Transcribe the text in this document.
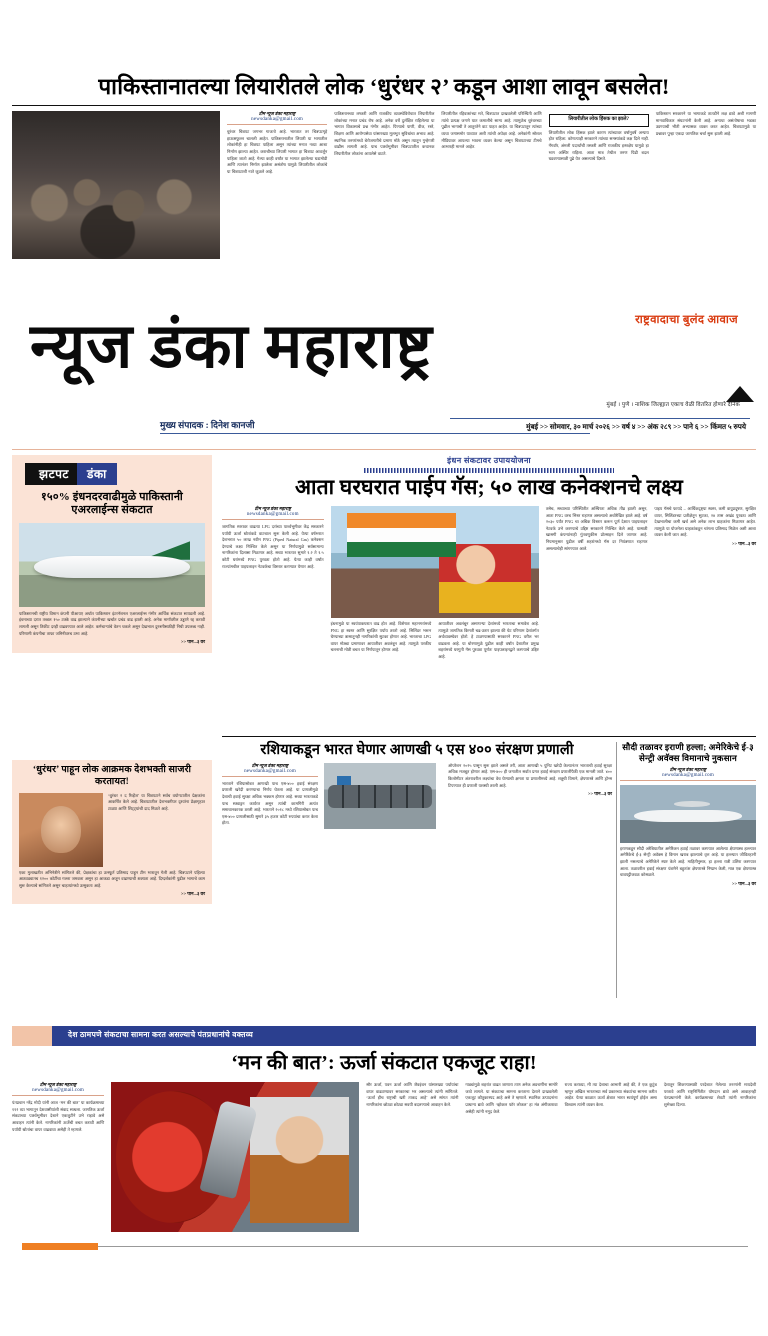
पाकिस्तानातल्या लियारीतले लोक ‘धुरंधर २’ कडून आशा लावून बसलेत!
टीम न्यूज डंका महाराष्ट्र
newsdanka@gmail.com
धुरंधर चित्रपट जगभर गाजतो आहे. भारतात तर चित्रपटगृहे हाऊसफुल्ल चालली आहेत. पाकिस्तानातील लियारी या भागातील लोकांनीही हा चित्रपट पाहिला असून त्यांच्या मनात नव्या आशा निर्माण झाल्या आहेत. कराचीच्या लियारी भागात हा चित्रपट आवर्जून पाहिला जातो आहे. गेल्या काही वर्षांत या भागात झालेल्या घडामोडी आणि त्यानंतर निर्माण झालेला असंतोष यामुळे लियारीतील लोकांचे या चित्रपटाशी नाते जुळले आहे.
पाकिस्तानच्या लष्करी आणि राजकीय व्यवस्थेविरोधात लियारीतील लोकांच्या मनात प्रचंड रोष आहे. अनेक वर्षे दुर्लक्षित राहिलेल्या या भागात विकासाचे प्रश्न गंभीर आहेत. पिण्याचे पाणी, वीज, रस्ते, शिक्षण आणि आरोग्यसेवा यांसारख्या मूलभूत सुविधांचा अभाव आहे. स्थानिक तरुणांमध्ये बेरोजगारीचे प्रमाण मोठे असून त्यातून गुन्हेगारी वाढीस लागली आहे. याच पार्श्वभूमीवर चित्रपटातील कथानक लियारीतील लोकांना आपलेसे वाटते.
लियारीतील रहिवाशांच्या मते, चित्रपटात दाखवलेली परिस्थिती आणि त्यांचे प्रत्यक्ष जगणे यात कमालीचे साम्य आहे. त्यामुळेच धुरंधरच्या पुढील भागाची ते आतुरतेने वाट पाहत आहेत. या चित्रपटातून त्यांच्या व्यथा जगासमोर याव्यात अशी त्यांची अपेक्षा आहे. अनेकांनी सोशल मीडियावर आपल्या भावना व्यक्त केल्या असून चित्रपटाच्या टीमचे आभारही मानले आहेत.
लियारीतील लोक हिंसक का झाले?
लियारीतील लोक हिंसक झाले कारण त्यांच्यावर वर्षानुवर्षे अन्याय होत राहिला. कोणत्याही सरकारने त्यांच्या समस्यांकडे लक्ष दिले नाही. गँगवॉर, अंमली पदार्थांची तस्करी आणि राजकीय हस्तक्षेप यामुळे हा भाग अस्थिर राहिला. आता मात्र तेथील तरुण पिढी बदल घडवण्यासाठी पुढे येत असल्याचे दिसते.
पाकिस्तान सरकारने या भागाकडे तातडीने लक्ष द्यावे अशी मागणी मानवाधिकार संघटनांनी केली आहे. अन्यथा असंतोषाचा भडका उडण्याची भीती अभ्यासक व्यक्त करत आहेत. चित्रपटामुळे या प्रश्नावर पुन्हा एकदा जागतिक चर्चा सुरू झाली आहे.
राष्ट्रवादाचा बुलंद आवाज
न्यूज डंका महाराष्ट्र
मुंबई । पुणे । नाशिक जिल्ह्यात एकाच वेळी वितरित होणारे दैनिक
मुख्य संपादक : दिनेश कानजी	मुंबई >> सोमवार, ३० मार्च २०२६ >> वर्ष ४ >> अंक २८९ >> पाने ६ >> किंमत ५ रुपये
झटपट	डंका
१५०% इंधनदरवाढीमुळे पाकिस्तानी एअरलाईन्स संकटात
पाकिस्तानची राष्ट्रीय विमान कंपनी पीआयए अर्थात पाकिस्तान इंटरनॅशनल एअरलाईन्स गंभीर आर्थिक संकटात सापडली आहे. इंधनाच्या दरात तब्बल १५० टक्के वाढ झाल्याने कंपनीच्या खर्चात प्रचंड वाढ झाली आहे. अनेक मार्गांवरील उड्डाणे रद्द करावी लागली असून तिकीट दरही वाढवण्यात आले आहेत. कर्मचाऱ्यांचे वेतन थकले असून देखभाल दुरुस्तीसाठीही निधी उपलब्ध नाही. परिणामी कंपनीचा ताफा जमिनीवरच उभा आहे.
>> पान...३ वर
‘धुरंधर’ पाहून लोक आक्रमक देशभक्ती साजरी करतायत!
‘धुरंधर २ द रिव्हेंज’ या चित्रपटाने सर्वच वयोगटातील प्रेक्षकांना आकर्षित केले आहे. चित्रपटातील देशभक्तीपर दृश्यांना प्रेक्षागृहात टाळ्या आणि शिट्ट्यांची दाद मिळते आहे.
एका मुलाखतीत अभिनेत्रीने सांगितले की, प्रेक्षकांचा हा उत्स्फूर्त प्रतिसाद पाहून टीम भारावून गेली आहे. चित्रपटाने पहिल्या आठवड्यातच १२०० कोटींचा गल्ला जमवला असून हा आकडा अजून वाढण्याची शक्यता आहे. दिग्दर्शकांनी पुढील भागाचे काम सुरू केल्याचे सांगितले असून चाहत्यांमध्ये उत्सुकता आहे.
>> पान...३ वर
इंधन संकटावर उपाययोजना
आता घरघरात पाईप गॅस; ५० लाख कनेक्शनचे लक्ष्य
टीम न्यूज डंका महाराष्ट्र
newsdanka@gmail.com
जागतिक स्तरावर वाढत्या LPG दरांच्या पार्श्वभूमीवर केंद्र सरकारने पर्यायी ऊर्जा स्रोतांकडे वाटचाल सुरू केली आहे. येत्या वर्षभरात देशभरात ५० लाख नवीन PNG (Piped Natural Gas) कनेक्शन देण्याचे लक्ष्य निश्चित केले असून या निर्णयामुळे सर्वसामान्य नागरिकांना दिलासा मिळणार आहे. सध्या भारतात सुमारे १.२ ते १.५ कोटी घरांमध्ये PNG पुरवठा होतो आहे. येत्या काही वर्षांत राज्यांमधील पाइपलाइन नेटवर्कचा विस्तार करण्यात येणार आहे.
इंधनामुळे या स्वयंपाकघरात वाढ होत आहे. विशेषतः महानगरांमध्ये PNG हा स्वस्त आणि सुरक्षित पर्याय ठरतो आहे. सिलिंडर भरून घेण्याच्या त्रासातूनही नागरिकांची सुटका होणार आहे. भारताचा LPG वापर मोठ्या प्रमाणावर आयातीवर अवलंबून आहे. त्यामुळे परकीय चलनाची मोठी बचत या निर्णयातून होणार आहे.
आयातीवर अवलंबून असणाऱ्या देशांमध्ये भारताचा समावेश आहे. त्यामुळे जागतिक किमती चढ-उतार झाल्या की थेट परिणाम देशांतर्गत अर्थव्यवस्थेवर होतो. हे टाळण्यासाठी सरकारने PNG वरील भर वाढवला आहे. या धोरणामुळे पुढील काही वर्षांत देशातील प्रमुख शहरांमध्ये घरगुती गॅस पुरवठा पूर्णतः पाइपलाइनद्वारे करण्याचे उद्दिष्ट आहे.
तसेच, सध्याच्या परिस्थितीत अस्थिरता अधिक तीव्र झाली असून, आता PNG वरच भिस्त राहणार असल्याचे अधोरेखित झाले आहे. वर्ष २०३० पर्यंत PNG चा अधिक विस्तार करून पूर्ण देशात पाइपलाइन नेटवर्क उभे करण्याचे उद्दिष्ट सरकारने निश्चित केले आहे. यासाठी खासगी कंपन्यांनाही गुंतवणुकीस प्रोत्साहन दिले जाणार आहे. नियमानुसार पुढील वर्षी शहरांमध्ये गॅस दर नियंत्रणात राहणार असल्याचेही सांगण्यात आले.
पाइप गॅसचे फायदे – आर्थिकदृष्ट्या स्वस्त, कमी वायुप्रदूषण, सुरक्षित वापर, सिलिंडरच्या प्रतीक्षेतून सुटका, २४ तास अखंड पुरवठा आणि देखभालीचा कमी खर्च असे अनेक लाभ ग्राहकांना मिळणार आहेत. त्यामुळे या योजनेला ग्राहकांकडून चांगला प्रतिसाद मिळेल अशी आशा व्यक्त केली जात आहे.
>> पान...३ वर
रशियाकडून भारत घेणार आणखी ५ एस ४०० संरक्षण प्रणाली
टीम न्यूज डंका महाराष्ट्र
newsdanka@gmail.com
भारताने रशियासोबत आणखी पाच एस-४०० हवाई संरक्षण प्रणाली खरेदी करण्याचा निर्णय घेतला आहे. या प्रणालीमुळे देशाची हवाई सुरक्षा अधिक भक्कम होणार आहे. सध्या भारताकडे पाच स्क्वाड्रन कार्यरत असून त्यांची कामगिरी अत्यंत समाधानकारक ठरली आहे. भारताने २०१८ मध्ये रशियासोबत पाच एस-४०० प्रणालीसाठी सुमारे ३५ हजार कोटी रुपयांचा करार केला होता.
ऑपरेशन २०२५ पासून सुरू झाले असले तरी, आता आणखी ५ युनिट खरेदी केल्यानंतर भारताची हवाई सुरक्षा अधिक मजबूत होणार आहे. एस-४०० ही जगातील सर्वात प्रगत हवाई संरक्षण प्रणालींपैकी एक मानली जाते. ४०० किलोमीटर अंतरावरील लक्ष्यांचा वेध घेण्याची क्षमता या प्रणालीमध्ये आहे. शत्रूची विमाने, क्षेपणास्त्रे आणि ड्रोन्स टिपण्यात ही प्रणाली यशस्वी ठरली आहे.
>> पान...३ वर
सौदी तळावर इराणी हल्ला; अमेरिकेचे ई-३ सेन्ट्री अवॅक्स विमानाचे नुकसान
टीम न्यूज डंका महाराष्ट्र
newsdanka@gmail.com
इराणकडून सौदी अरेबियातील अमेरिकन हवाई तळावर करण्यात आलेल्या क्षेपणास्त्र हल्ल्यात अमेरिकेचे ई-३ सेन्ट्री अवॅक्स हे विमान खराब झाल्याचे वृत्त आहे. या हल्ल्यात जीवितहानी झाली नसल्याचे अमेरिकेने स्पष्ट केले आहे. माहितीनुसार, हा हल्ला रात्री उशिरा करण्यात आला. तळावरील हवाई संरक्षण यंत्रणेने बहुतांश क्षेपणास्त्रे निष्प्रभ केली, मात्र एक क्षेपणास्त्र धावपट्टीजवळ कोसळले.
>> पान...३ वर
देश ठामपणे संकटाचा सामना करत असल्याचे पंतप्रधानांचे वक्तव्य
‘मन की बात’: ऊर्जा संकटात एकजूट राहा!
टीम न्यूज डंका महाराष्ट्र
newsdanka@gmail.com
पंतप्रधान नरेंद्र मोदी यांनी आज ‘मन की बात’ या कार्यक्रमाच्या ११२ व्या भागातून देशवासीयांशी संवाद साधला. जागतिक ऊर्जा संकटाच्या पार्श्वभूमीवर देशाने एकजुटीने उभे राहावे असे आवाहन त्यांनी केले. नागरिकांनी ऊर्जेची बचत करावी आणि पर्यायी स्रोतांचा वापर वाढवावा असेही ते म्हणाले.
सौर ऊर्जा, पवन ऊर्जा आणि जैवइंधन यांसारख्या पर्यायांचा वापर वाढवण्यावर सरकारचा भर असल्याचे त्यांनी सांगितले. ‘ऊर्जा हीच राष्ट्राची खरी ताकद आहे’ असे सांगत त्यांनी नागरिकांना छोट्या छोट्या सवयी बदलण्याचे आवाहन केले.
गाड्यांमुळे शहरांत वाढत जाणारा ताण अनेक अडचणींना सामोरे जावे लागले. या संकटाचा सामना करताना देशाने दाखवलेली एकजूट कौतुकास्पद आहे असे ते म्हणाले. स्थानिक उत्पादनांना प्राधान्य द्यावे आणि ‘व्होकल फॉर लोकल’ हा मंत्र अंगीकारावा असेही त्यांनी नमूद केले.
राज्य कराव्या, मी त्या देशाचा आभारी आहे की, ते एक कुटुंब म्हणून अखिल भारताच्या सर्व प्रकारच्या संकटांचा सामना करीत आहेत. येत्या काळात ऊर्जा क्षेत्रात भारत स्वयंपूर्ण होईल असा विश्वास त्यांनी व्यक्त केला.
देशातून शिकण्यासाठी परदेशात गेलेल्या तरुणांनी मायदेशी परतावे आणि राष्ट्रनिर्मितीत योगदान द्यावे असे आवाहनही पंतप्रधानांनी केले. कार्यक्रमाच्या शेवटी त्यांनी नागरिकांना शुभेच्छा दिल्या.
